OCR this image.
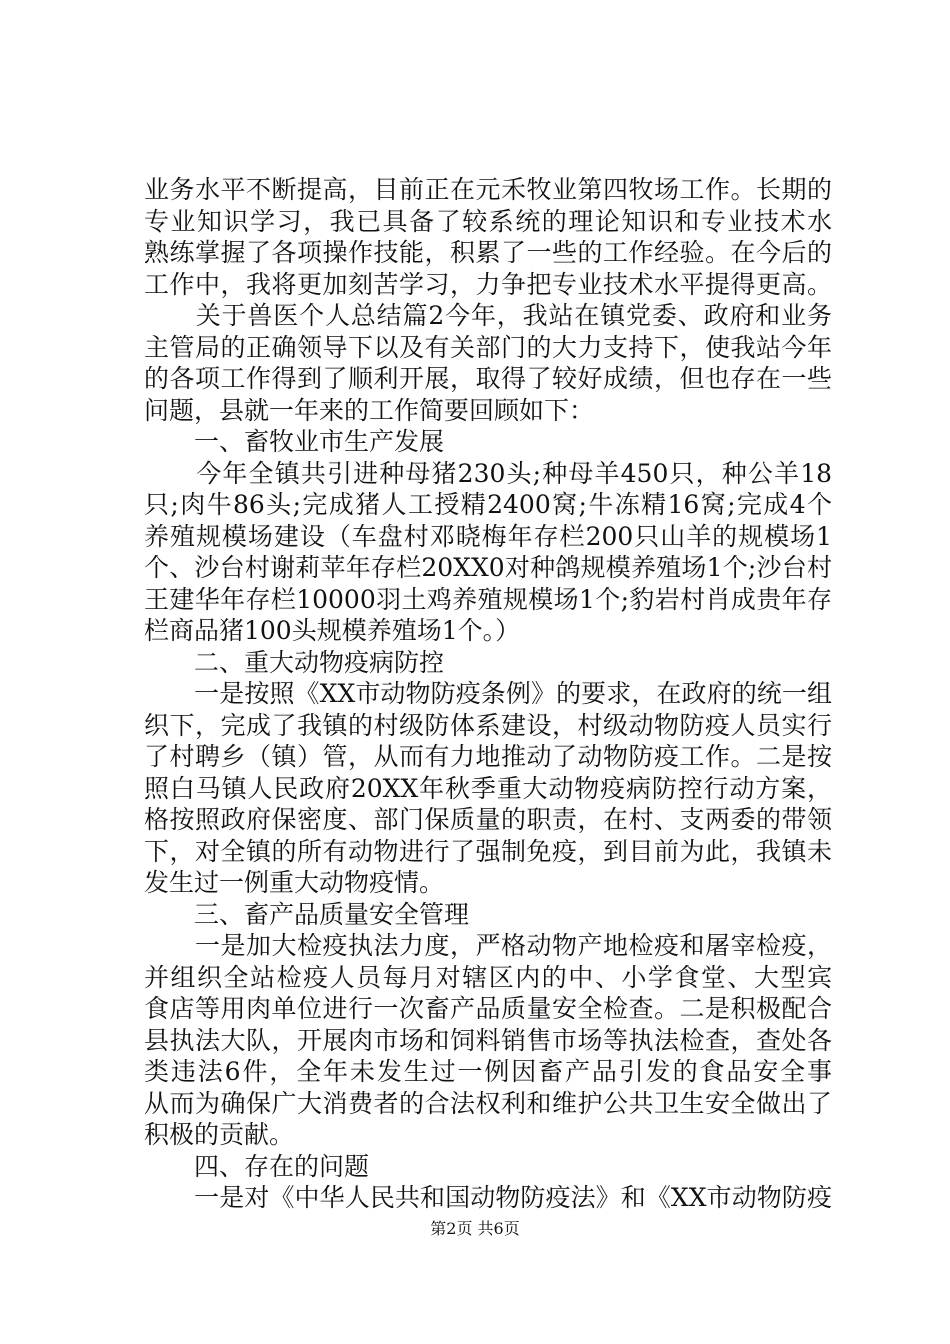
业务水平不断提高，目前正在元禾牧业第四牧场工作。长期的
专业知识学习，我已具备了较系统的理论知识和专业技术水
熟练掌握了各项操作技能，积累了一些的工作经验。在今后的
工作中，我将更加刻苦学习，力争把专业技术水平提得更高。
　　关于兽医个人总结篇2今年，我站在镇党委、政府和业务
主管局的正确领导下以及有关部门的大力支持下，使我站今年
的各项工作得到了顺利开展，取得了较好成绩，但也存在一些
问题，县就一年来的工作简要回顾如下：
　　一、畜牧业市生产发展
　　今年全镇共引进种母猪230头;种母羊450只，种公羊18
只;肉牛86头;完成猪人工授精2400窝;牛冻精16窝;完成4个
养殖规模场建设（车盘村邓晓梅年存栏200只山羊的规模场1
个、沙台村谢莉苹年存栏20XX0对种鸽规模养殖场1个;沙台村
王建华年存栏10000羽土鸡养殖规模场1个;豹岩村肖成贵年存
栏商品猪100头规模养殖场1个。）
　　二、重大动物疫病防控
　　一是按照《XX市动物防疫条例》的要求，在政府的统一组
织下，完成了我镇的村级防体系建设，村级动物防疫人员实行
了村聘乡（镇）管，从而有力地推动了动物防疫工作。二是按
照白马镇人民政府20XX年秋季重大动物疫病防控行动方案，
格按照政府保密度、部门保质量的职责，在村、支两委的带领
下，对全镇的所有动物进行了强制免疫，到目前为此，我镇未
发生过一例重大动物疫情。
　　三、畜产品质量安全管理
　　一是加大检疫执法力度，严格动物产地检疫和屠宰检疫，
并组织全站检疫人员每月对辖区内的中、小学食堂、大型宾
食店等用肉单位进行一次畜产品质量安全检查。二是积极配合
县执法大队，开展肉市场和饲料销售市场等执法检查，查处各
类违法6件，全年未发生过一例因畜产品引发的食品安全事
从而为确保广大消费者的合法权利和维护公共卫生安全做出了
积极的贡献。
　　四、存在的问题
　　一是对《中华人民共和国动物防疫法》和《XX市动物防疫
第2页 共6页
